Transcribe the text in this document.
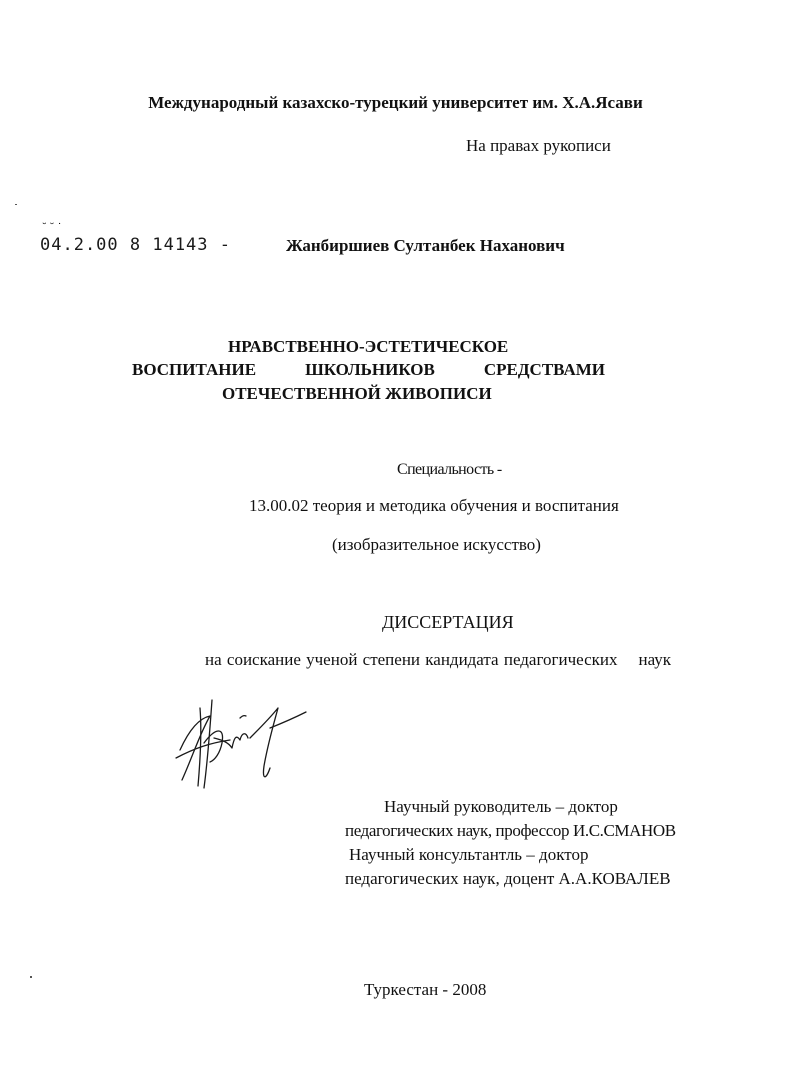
Международный казахско-турецкий университет им. Х.А.Ясави
На правах рукописи
˘˘˙
04.2.00 8 14143 -	Жанбиршиев Султанбек Наханович
НРАВСТВЕННО-ЭСТЕТИЧЕСКОЕ
ВОСПИТАНИЕ	ШКОЛЬНИКОВ	СРЕДСТВАМИ
ОТЕЧЕСТВЕННОЙ ЖИВОПИСИ
Специальность -
13.00.02 теория и методика обучения и воспитания
(изобразительное искусство)
ДИССЕРТАЦИЯ
на соискание ученой степени кандидата педагогических    наук
Научный руководитель – доктор
педагогических наук, профессор И.С.СМАНОВ
Научный консультантль – доктор
педагогических наук, доцент А.А.КОВАЛЕВ
Туркестан - 2008
